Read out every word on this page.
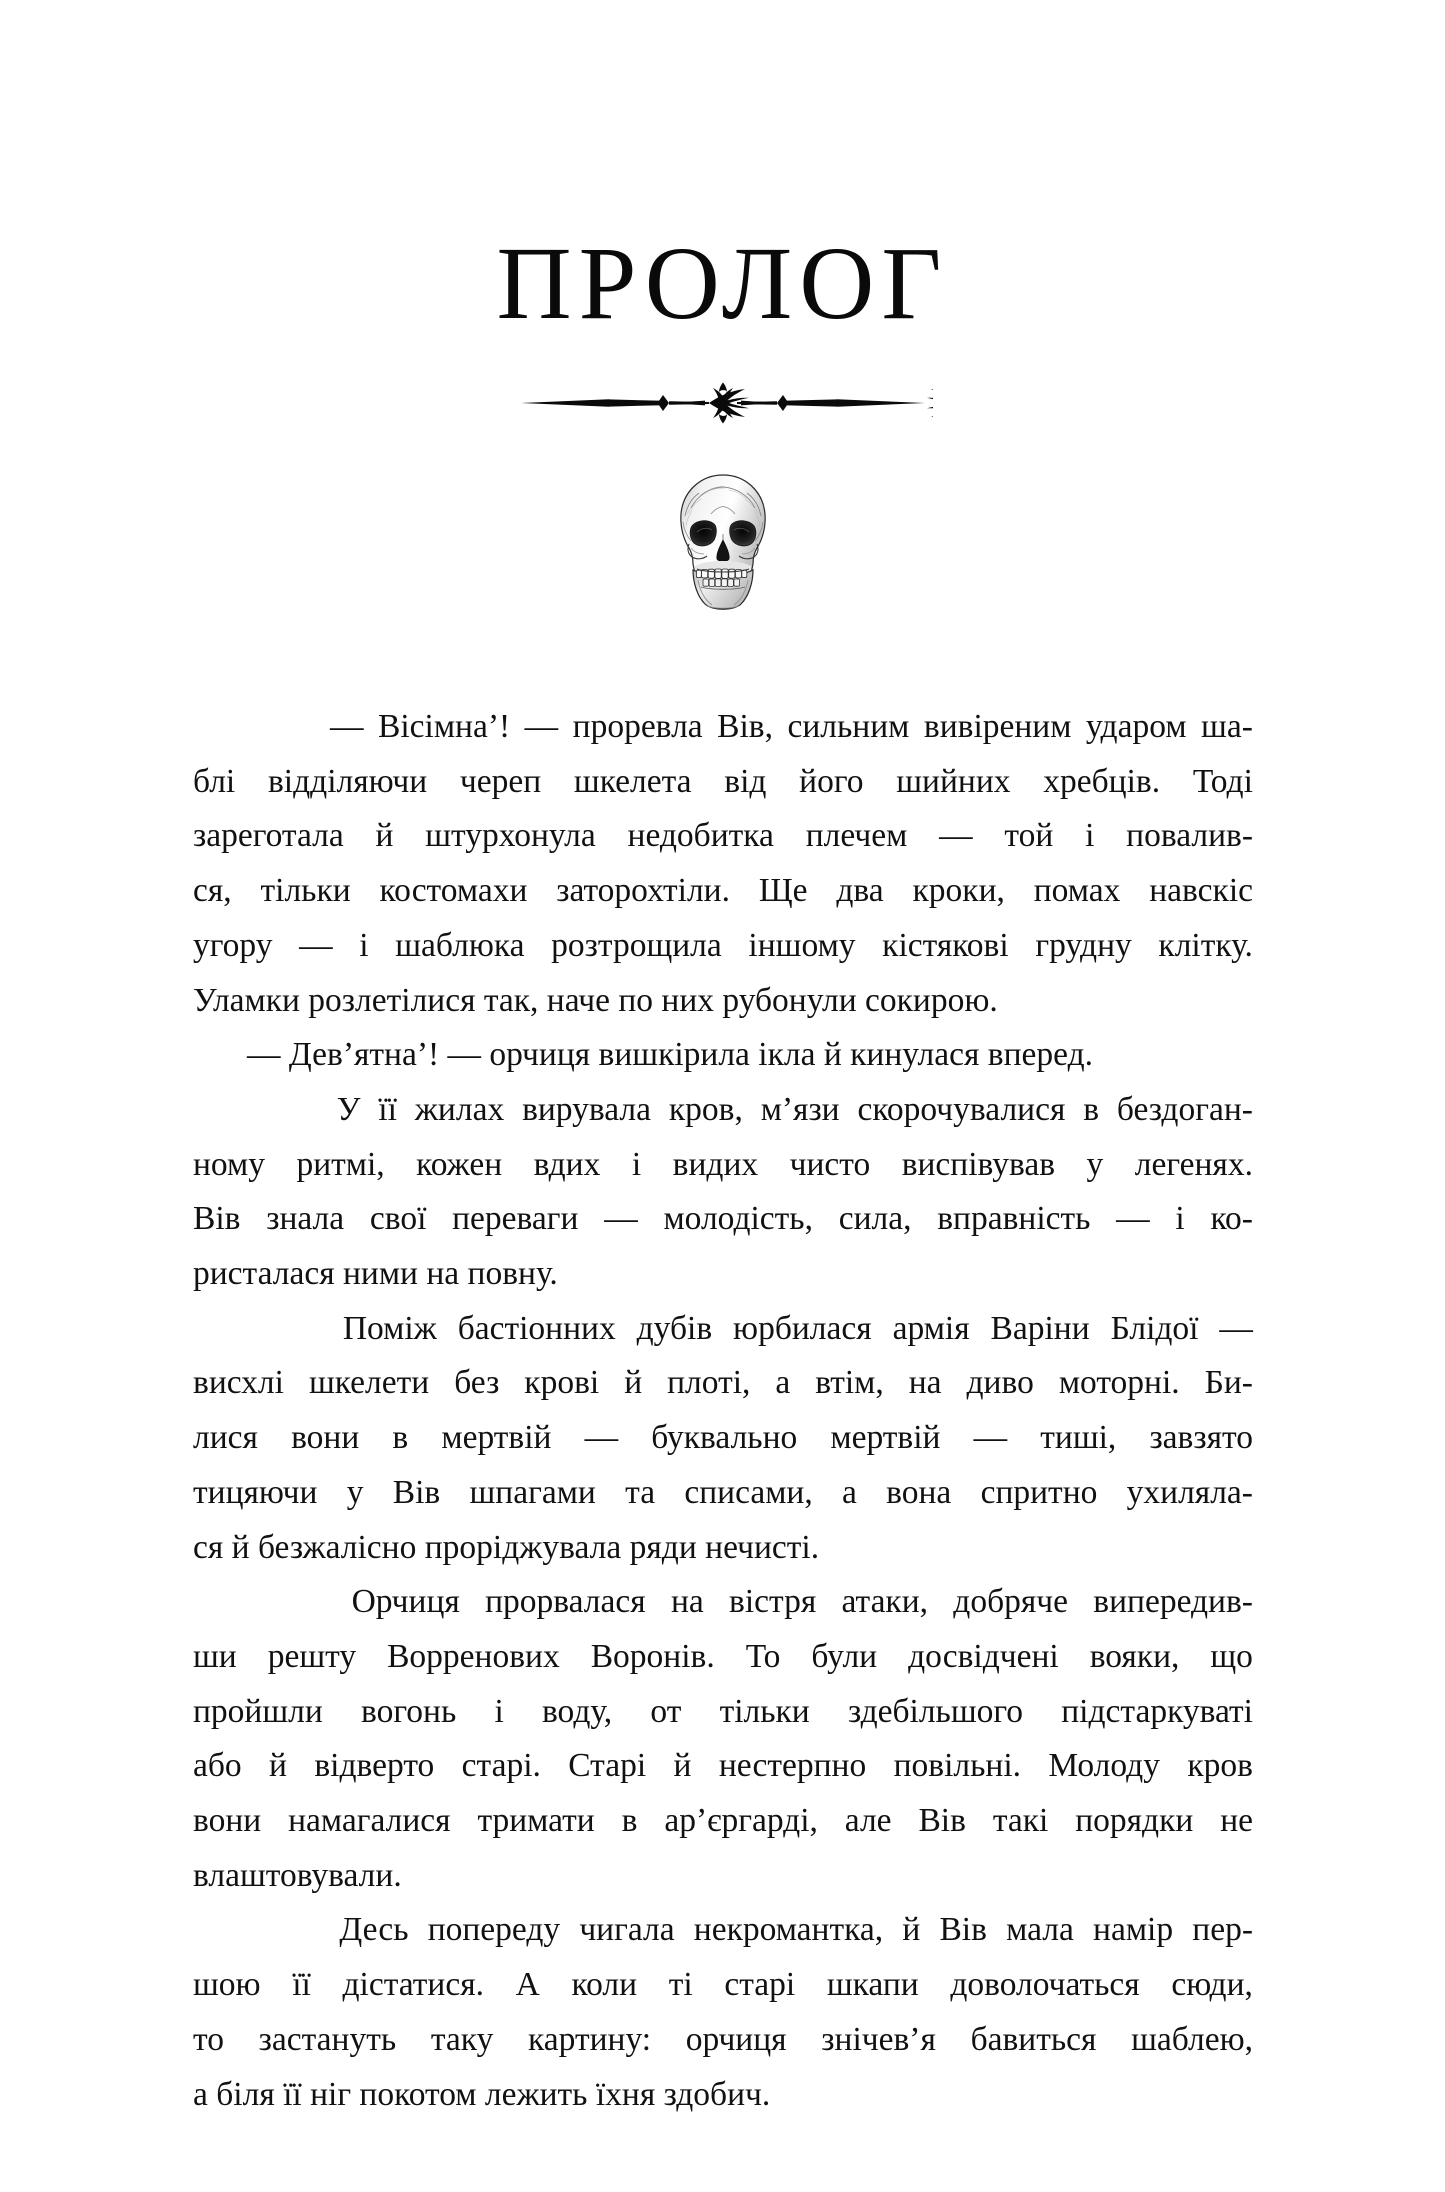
ПРОЛОГ

— Вісімна’! — проревла Вів, сильним вивіреним ударом ша-
блі відділяючи череп шкелета від його шийних хребців. Тоді
зареготала й штурхонула недобитка плечем — той і повалив-
ся, тільки костомахи заторохтіли. Ще два кроки, помах навскіс
угору — і шаблюка розтрощила іншому кістякові грудну клітку.
Уламки розлетілися так, наче по них рубонули сокирою.

— Дев’ятна’! — орчиця вишкірила ікла й кинулася вперед.

У її жилах вирувала кров, м’язи скорочувалися в бездоган-
ному ритмі, кожен вдих і видих чисто виспівував у легенях.
Вів знала свої переваги — молодість, сила, вправність — і ко-
ристалася ними на повну.

Поміж бастіонних дубів юрбилася армія Варіни Блідої —
висхлі шкелети без крові й плоті, а втім, на диво моторні. Би-
лися вони в мертвій — буквально мертвій — тиші, завзято
тицяючи у Вів шпагами та списами, а вона спритно ухиляла-
ся й безжалісно проріджувала ряди нечисті.

Орчиця прорвалася на вістря атаки, добряче випередив-
ши решту Ворренових Воронів. То були досвідчені вояки, що
пройшли вогонь і воду, от тільки здебільшого підстаркуваті
або й відверто старі. Старі й нестерпно повільні. Молоду кров
вони намагалися тримати в ар’єргарді, але Вів такі порядки не
влаштовували.

Десь попереду чигала некромантка, й Вів мала намір пер-
шою її дістатися. А коли ті старі шкапи доволочаться сюди,
то застануть таку картину: орчиця знічев’я бавиться шаблею,
а біля її ніг покотом лежить їхня здобич.
